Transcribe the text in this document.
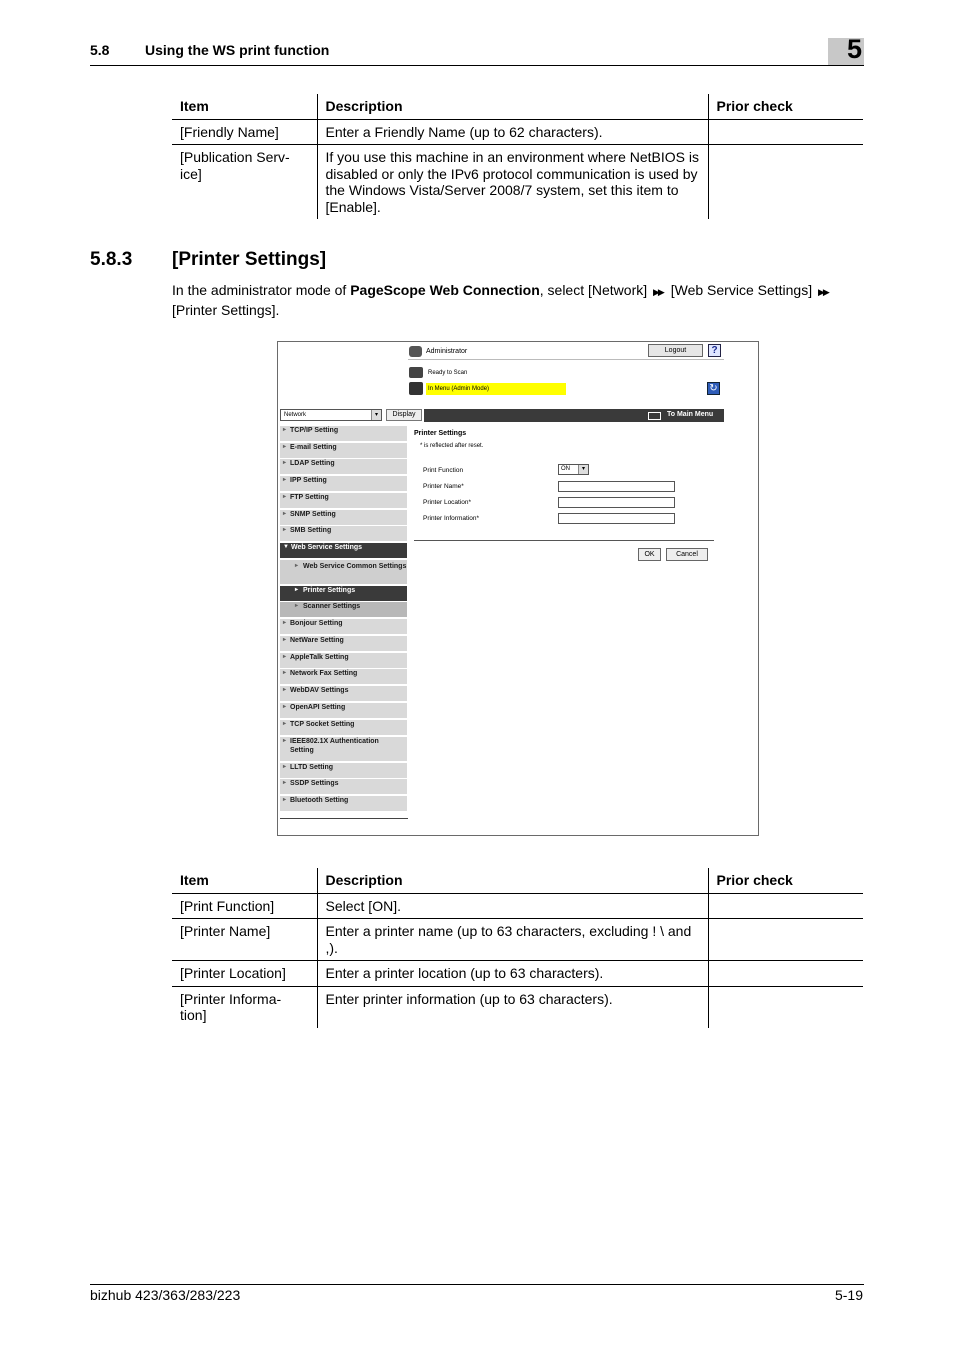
5.8	Using the WS print function	5
Item	Description	Prior check
[Friendly Name]	Enter a Friendly Name (up to 62 characters).	
[Publication Serv-
ice]	If you use this machine in an environment where NetBIOS is disabled or only the IPv6 protocol communication is used by the Windows Vista/Server 2008/7 system, set this item to [Enable].	
5.8.3 [Printer Settings]
In the administrator mode of PageScope Web Connection, select [Network] ▶▶ [Web Service Settings] ▶▶
[Printer Settings].
Administrator	Logout	?
Ready to Scan
In Menu (Admin Mode)	↻
Network	▾	Display	To Main Menu
▸ TCP/IP Setting
▸ E-mail Setting
▸ LDAP Setting
▸ IPP Setting
▸ FTP Setting
▸ SNMP Setting
▸ SMB Setting
▼ Web Service Settings
▸ Web Service Common Settings
▸ Printer Settings
▸ Scanner Settings
▸ Bonjour Setting
▸ NetWare Setting
▸ AppleTalk Setting
▸ Network Fax Setting
▸ WebDAV Settings
▸ OpenAPI Setting
▸ TCP Socket Setting
▸ IEEE802.1X Authentication Setting
▸ LLTD Setting
▸ SSDP Settings
▸ Bluetooth Setting
Printer Settings
* is reflected after reset.
Print Function	ON	▾
Printer Name*
Printer Location*
Printer Information*
OK	Cancel
Item	Description	Prior check
[Print Function]	Select [ON].	
[Printer Name]	Enter a printer name (up to 63 characters, excluding ! \ and ,).	
[Printer Location]	Enter a printer location (up to 63 characters).	
[Printer Informa-
tion]	Enter printer information (up to 63 characters).	
bizhub 423/363/283/223	5-19
